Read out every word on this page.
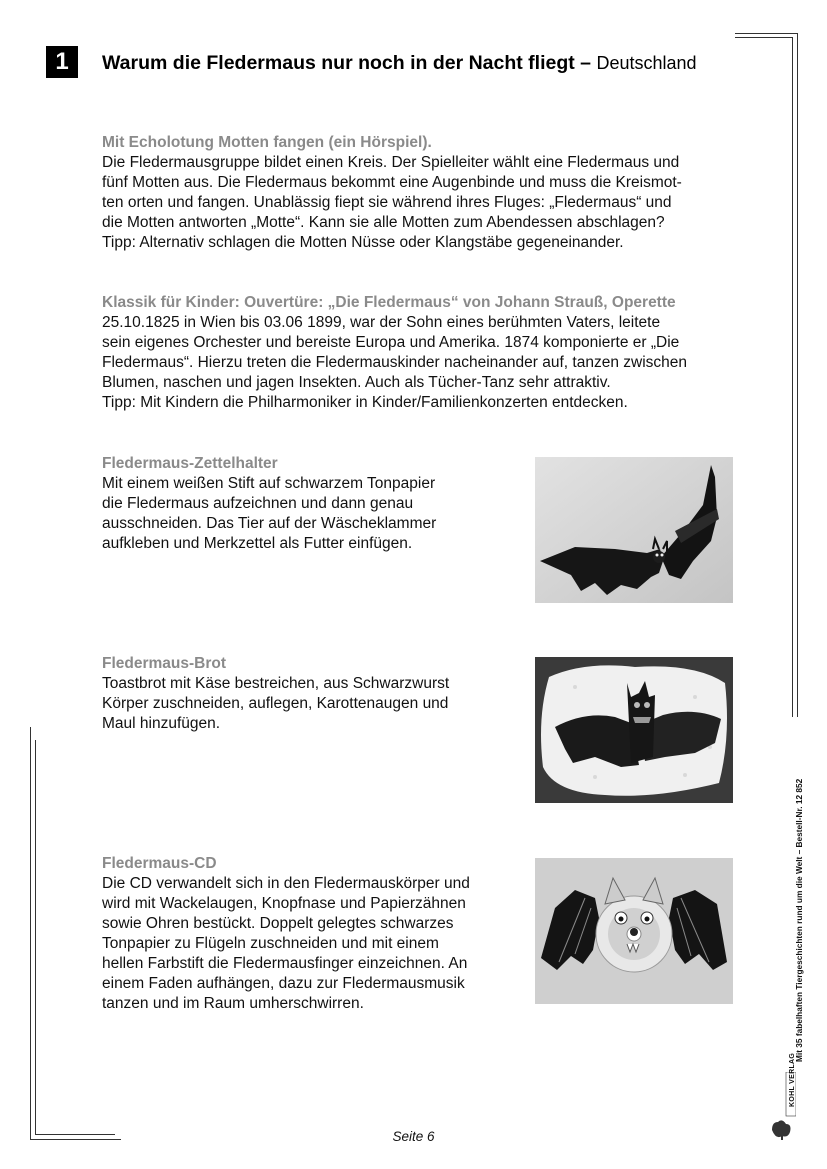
1	Warum die Fledermaus nur noch in der Nacht fliegt – Deutschland

Mit Echolotung Motten fangen (ein Hörspiel).

Die Fledermausgruppe bildet einen Kreis. Der Spielleiter wählt eine Fledermaus und

fünf Motten aus. Die Fledermaus bekommt eine Augenbinde und muss die Kreismot-

ten orten und fangen. Unablässig fiept sie während ihres Fluges: „Fledermaus“ und

die Motten antworten „Motte“. Kann sie alle Motten zum Abendessen abschlagen?

Tipp: Alternativ schlagen die Motten Nüsse oder Klangstäbe gegeneinander.

Klassik für Kinder: Ouvertüre: „Die Fledermaus“ von Johann Strauß, Operette

25.10.1825 in Wien bis 03.06 1899, war der Sohn eines berühmten Vaters, leitete

sein eigenes Orchester und bereiste Europa und Amerika. 1874 komponierte er „Die

Fledermaus“. Hierzu treten die Fledermauskinder nacheinander auf, tanzen zwischen

Blumen, naschen und jagen Insekten. Auch als Tücher-Tanz sehr attraktiv.

Tipp: Mit Kindern die Philharmoniker in Kinder/Familienkonzerten entdecken.

Fledermaus-Zettelhalter

Mit einem weißen Stift auf schwarzem Tonpapier

die Fledermaus aufzeichnen und dann genau

ausschneiden. Das Tier auf der Wäscheklammer

aufkleben und Merkzettel als Futter einfügen.

Fledermaus-Brot

Toastbrot mit Käse bestreichen, aus Schwarzwurst

Körper zuschneiden, auflegen, Karottenaugen und

Maul hinzufügen.

Fledermaus-CD

Die CD verwandelt sich in den Fledermauskörper und

wird mit Wackelaugen, Knopfnase und Papierzähnen

sowie Ohren bestückt. Doppelt gelegtes schwarzes

Tonpapier zu Flügeln zuschneiden und mit einem

hellen Farbstift die Fledermausfinger einzeichnen. An

einem Faden aufhängen, dazu zur Fledermausmusik

tanzen und im Raum umherschwirren.

Seite 6
Mit 35 fabelhaften Tiergeschichten rund um die Welt – Bestell-Nr. 12 852
KOHL VERLAG
